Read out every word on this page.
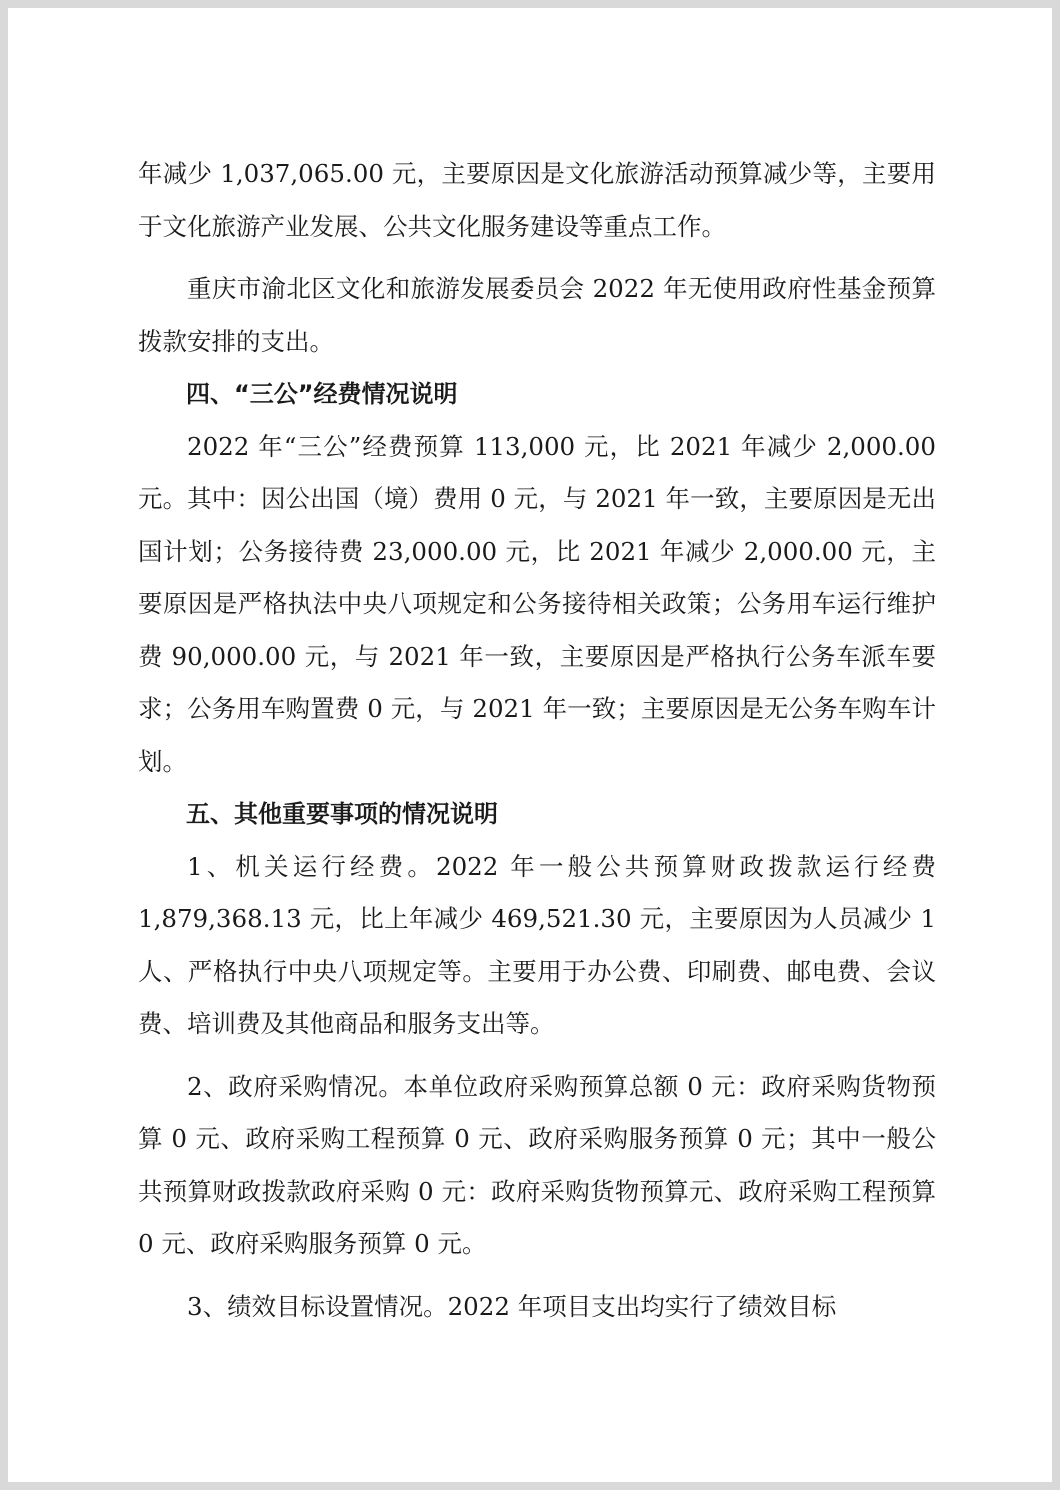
年减少 1,037,065.00 元，主要原因是文化旅游活动预算减少等，主要用于文化旅游产业发展、公共文化服务建设等重点工作。

重庆市渝北区文化和旅游发展委员会 2022 年无使用政府性基金预算拨款安排的支出。

四、“三公”经费情况说明

2022 年“三公”经费预算 113,000 元，比 2021 年减少 2,000.00 元。其中：因公出国（境）费用 0 元，与 2021 年一致，主要原因是无出国计划；公务接待费 23,000.00 元，比 2021 年减少 2,000.00 元，主要原因是严格执法中央八项规定和公务接待相关政策；公务用车运行维护费 90,000.00 元，与 2021 年一致，主要原因是严格执行公务车派车要求；公务用车购置费 0 元，与 2021 年一致；主要原因是无公务车购车计划。

五、其他重要事项的情况说明

1、机关运行经费。2022 年一般公共预算财政拨款运行经费 1,879,368.13 元，比上年减少 469,521.30 元，主要原因为人员减少 1 人、严格执行中央八项规定等。主要用于办公费、印刷费、邮电费、会议费、培训费及其他商品和服务支出等。

2、政府采购情况。本单位政府采购预算总额 0 元：政府采购货物预算 0 元、政府采购工程预算 0 元、政府采购服务预算 0 元；其中一般公共预算财政拨款政府采购 0 元：政府采购货物预算元、政府采购工程预算 0 元、政府采购服务预算 0 元。

3、绩效目标设置情况。2022 年项目支出均实行了绩效目标
